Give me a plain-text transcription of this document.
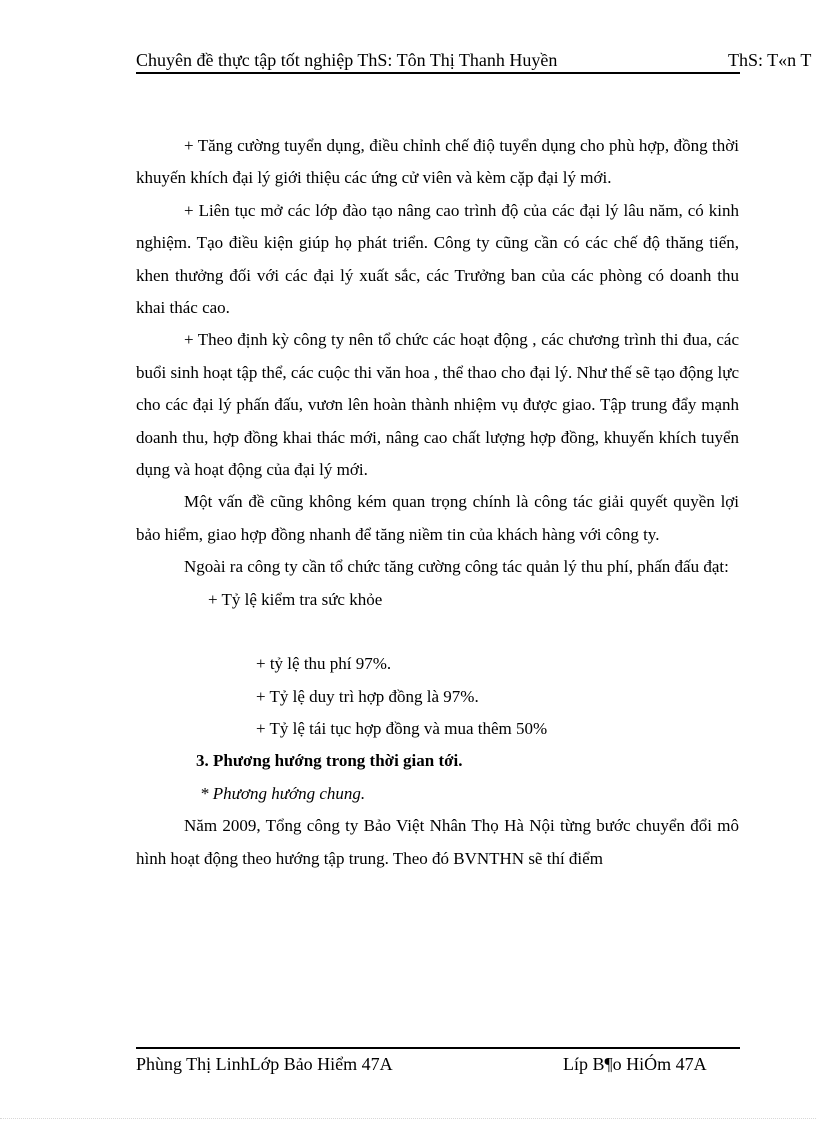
Chuyên đề thực tập tốt nghiệp ThS: Tôn Thị Thanh Huyền	ThS: T«n T

+ Tăng cường tuyển dụng, điều chỉnh chế điộ tuyển dụng cho phù hợp, đồng thời khuyến khích đại lý giới thiệu các ứng cử viên và kèm cặp đại lý mới.

+ Liên tục mở các lớp đào tạo nâng cao trình độ của các đại lý lâu năm, có kinh nghiệm. Tạo điều kiện giúp họ phát triển. Công ty cũng cần có các chế độ thăng tiến, khen thưởng đối với các đại lý xuất sắc, các Trưởng ban của các phòng có doanh thu khai thác cao.

+ Theo định kỳ công ty nên tổ chức các hoạt động , các chương trình thi đua, các buổi sinh hoạt tập thể, các cuộc thi văn hoa , thể thao cho đại lý. Như thế sẽ tạo động lực cho các đại lý phấn đấu, vươn lên hoàn thành nhiệm vụ được giao. Tập trung đẩy mạnh doanh thu, hợp đồng khai thác mới, nâng cao chất lượng hợp đồng, khuyến khích tuyển dụng và hoạt động của đại lý mới.

Một vấn đề cũng không kém quan trọng chính là công tác giải quyết quyền lợi bảo hiểm, giao hợp đồng nhanh để tăng niềm tin của khách hàng với công ty.

Ngoài ra công ty cần tổ chức tăng cường công tác quản lý thu phí, phấn đấu đạt:

+ Tỷ lệ kiểm tra sức khỏe

+ tỷ lệ thu phí 97%.

+ Tỷ lệ duy trì hợp đồng là 97%.

+ Tỷ lệ tái tục hợp đồng và mua thêm 50%

3. Phương hướng trong thời gian tới.

* Phương hướng chung.

Năm 2009, Tổng công ty Bảo Việt Nhân Thọ Hà Nội từng bước chuyển đổi mô hình hoạt động theo hướng tập trung. Theo đó BVNTHN sẽ thí điểm

Phùng Thị LinhLớp Bảo Hiểm 47A	Líp B¶o HiÓm 47A
